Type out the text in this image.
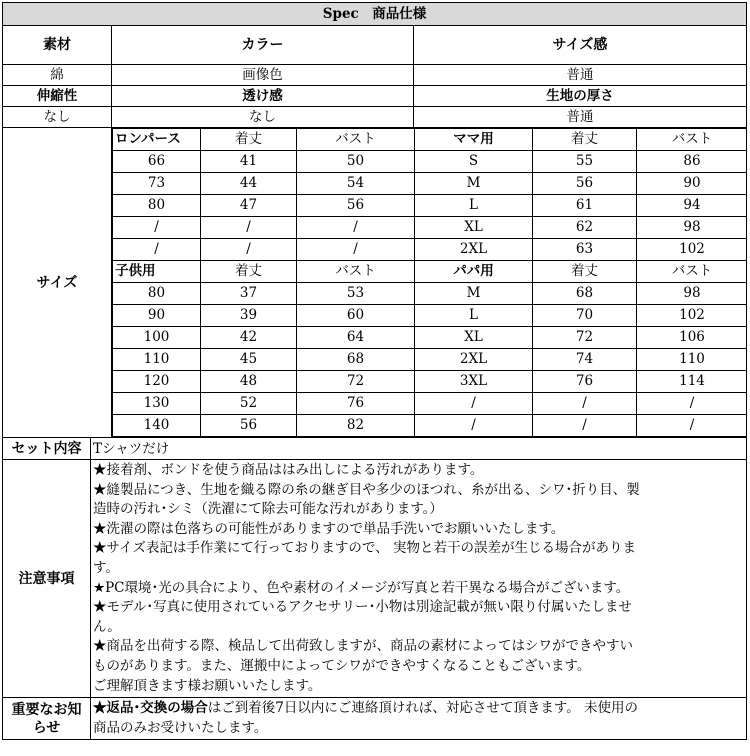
Spec　商品仕様
素材	カラー	サイズ感
綿	画像色	普通
伸縮性	透け感	生地の厚さ
なし	なし	普通
サイズ	
ロンパース	着丈	バスト	ママ用	着丈	バスト
66	41	50	S	55	86
73	44	54	M	56	90
80	47	56	L	61	94
/	/	/	XL	62	98
/	/	/	2XL	63	102
子供用	着丈	バスト	パパ用	着丈	バスト
80	37	53	M	68	98
90	39	60	L	70	102
100	42	64	XL	72	106
110	45	68	2XL	74	110
120	48	72	3XL	76	114
130	52	76	/	/	/
140	56	82	/	/	/

セット内容	Tシャツだけ
注意事項	
★接着剤、ボンドを使う商品ははみ出しによる汚れがあります。
★縫製品につき、生地を織る際の糸の継ぎ目や多少のほつれ、糸が出る、シワ･折り目、製
造時の汚れ･シミ（洗濯にて除去可能な汚れがあります。）
★洗濯の際は色落ちの可能性がありますので単品手洗いでお願いいたします。
★サイズ表記は手作業にて行っておりますので、 実物と若干の誤差が生じる場合がありま
す。
★PC環境･光の具合により、色や素材のイメージが写真と若干異なる場合がございます。
★モデル･写真に使用されているアクセサリー･小物は別途記載が無い限り付属いたしませ
ん。
★商品を出荷する際、検品して出荷致しますが、商品の素材によってはシワができやすい
ものがあります。また、運搬中によってシワができやすくなることもございます。
ご理解頂きます様お願いいたします。

重要なお知らせ	
★返品･交換の場合はご到着後7日以内にご連絡頂ければ、対応させて頂きます。 未使用の
商品のみお受けいたします。
